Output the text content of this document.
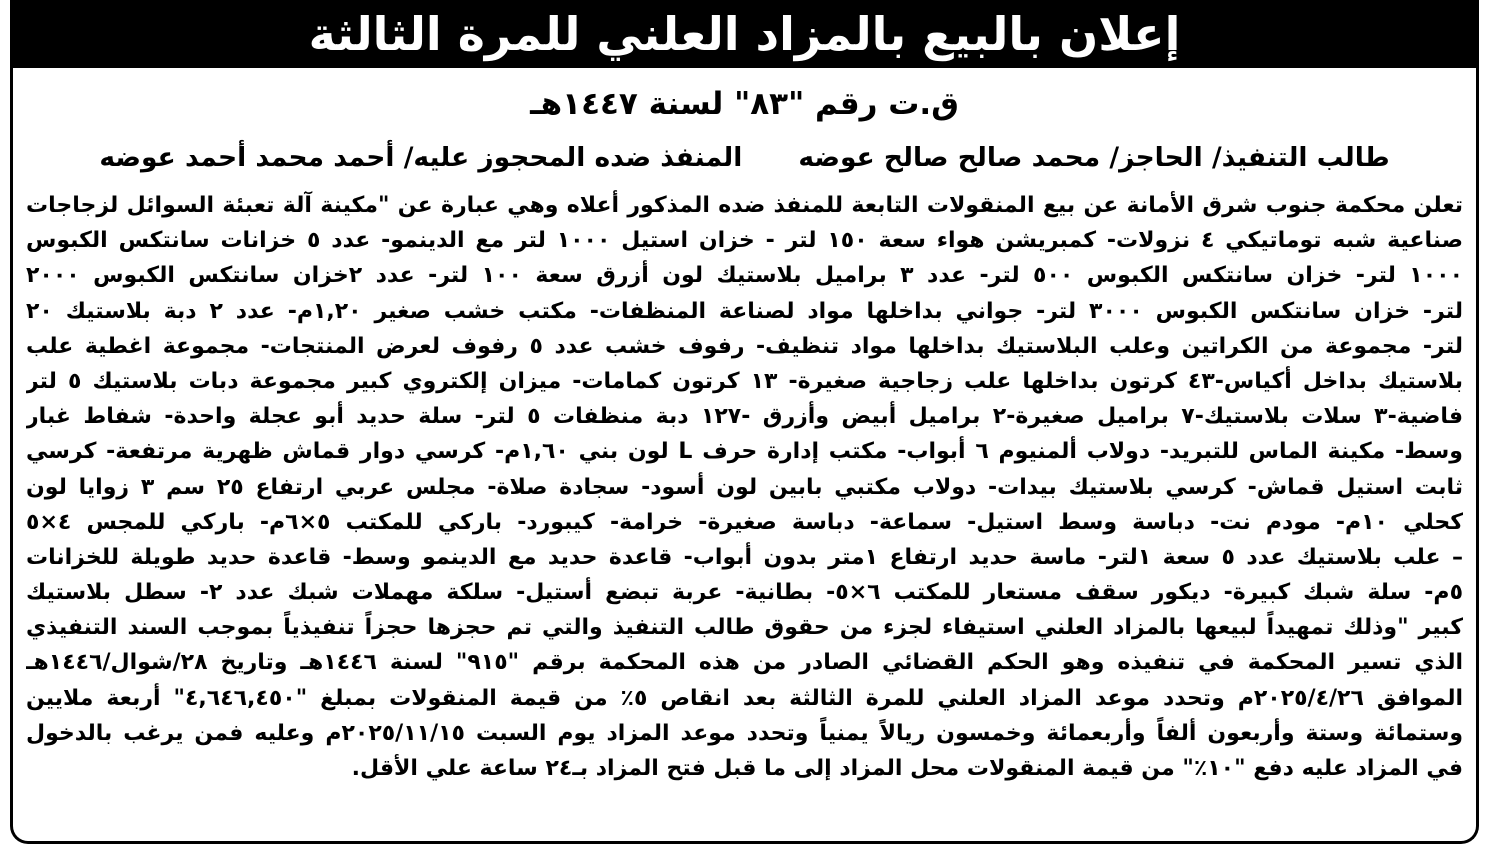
إعلان بالبيع بالمزاد العلني للمرة الثالثة
ق.ت رقم "٨٣" لسنة ١٤٤٧هـ
طالب التنفيذ/ الحاجز/ محمد صالح صالح عوضه
المنفذ ضده المحجوز عليه/ أحمد محمد أحمد عوضه
تعلن محكمة جنوب شرق الأمانة عن بيع المنقولات التابعة للمنفذ ضده المذكور أعلاه وهي عبارة عن "مكينة آلة تعبئة السوائل لزجاجات
صناعية شبه توماتيكي ٤ نزولات- كمبريشن هواء سعة ١٥٠ لتر - خزان استيل ١٠٠٠ لتر مع الدينمو- عدد ٥ خزانات سانتكس الكبوس
١٠٠٠ لتر- خزان سانتكس الكبوس ٥٠٠ لتر- عدد ٣ براميل بلاستيك لون أزرق سعة ١٠٠ لتر- عدد ٢خزان سانتكس الكبوس ٢٠٠٠
لتر- خزان سانتكس الكبوس ٣٠٠٠ لتر- جواني بداخلها مواد لصناعة المنظفات- مكتب خشب صغير ١,٢٠م- عدد ٢ دبة بلاستيك ٢٠
لتر- مجموعة من الكراتين وعلب البلاستيك بداخلها مواد تنظيف- رفوف خشب عدد ٥ رفوف لعرض المنتجات- مجموعة اغطية علب
بلاستيك بداخل أكياس-٤٣ كرتون بداخلها علب زجاجية صغيرة- ١٣ كرتون كمامات- ميزان إلكتروي كبير مجموعة دبات بلاستيك ٥ لتر
فاضية-٣ سلات بلاستيك-٧ براميل صغيرة-٢ براميل أبيض وأزرق -١٢٧ دبة منظفات ٥ لتر- سلة حديد أبو عجلة واحدة- شفاط غبار
وسط- مكينة الماس للتبريد- دولاب ألمنيوم ٦ أبواب- مكتب إدارة حرف L لون بني ١,٦٠م- كرسي دوار قماش ظهرية مرتفعة- كرسي
ثابت استيل قماش- كرسي بلاستيك بيدات- دولاب مكتبي بابين لون أسود- سجادة صلاة- مجلس عربي ارتفاع ٢٥ سم ٣ زوايا لون
كحلي ١٠م- مودم نت- دباسة وسط استيل- سماعة- دباسة صغيرة- خرامة- كيبورد- باركي للمكتب ٥×٦م- باركي للمجس ٤×٥
– علب بلاستيك عدد ٥ سعة ١لتر- ماسة حديد ارتفاع ١متر بدون أبواب- قاعدة حديد مع الدينمو وسط- قاعدة حديد طويلة للخزانات
٥م- سلة شبك كبيرة- ديكور سقف مستعار للمكتب ٦×٥- بطانية- عربة تبضع أستيل- سلكة مهملات شبك عدد ٢- سطل بلاستيك
كبير "وذلك تمهيداً لبيعها بالمزاد العلني استيفاء لجزء من حقوق طالب التنفيذ والتي تم حجزها حجزاً تنفيذياً بموجب السند التنفيذي
الذي تسير المحكمة في تنفيذه وهو الحكم القضائي الصادر من هذه المحكمة برقم "٩١٥" لسنة ١٤٤٦هـ وتاريخ ٢٨/شوال/١٤٤٦هـ
الموافق ٢٠٢٥/٤/٢٦م وتحدد موعد المزاد العلني للمرة الثالثة بعد انقاص ٥٪ من قيمة المنقولات بمبلغ "٤,٦٤٦,٤٥٠" أربعة ملايين
وستمائة وستة وأربعون ألفاً وأربعمائة وخمسون ريالاً يمنياً وتحدد موعد المزاد يوم السبت ٢٠٢٥/١١/١٥م وعليه فمن يرغب بالدخول
في المزاد عليه دفع "١٠٪" من قيمة المنقولات محل المزاد إلى ما قبل فتح المزاد بـ٢٤ ساعة علي الأقل.
